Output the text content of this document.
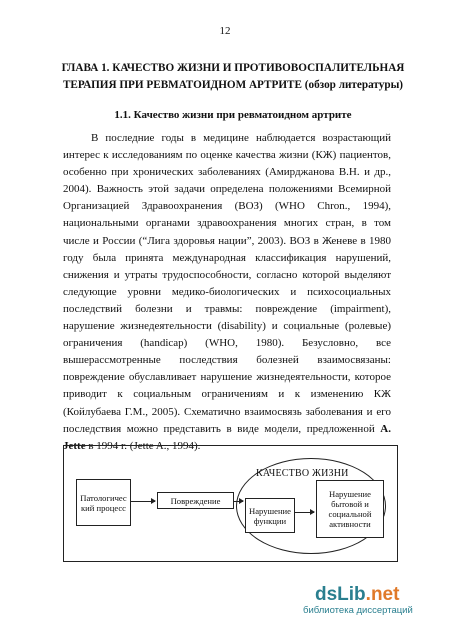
12
ГЛАВА 1. КАЧЕСТВО ЖИЗНИ И ПРОТИВОВОСПАЛИТЕЛЬНАЯ
ТЕРАПИЯ ПРИ РЕВМАТОИДНОМ АРТРИТЕ (обзор литературы)
1.1. Качество жизни при ревматоидном артрите

В последние годы в медицине наблюдается возрастающий интерес к исследованиям по оценке качества жизни (КЖ) пациентов, особенно при хронических заболеваниях (Амирджанова В.Н. и др., 2004). Важность этой задачи определена положениями Всемирной Организацией Здравоохранения (ВОЗ) (WHO Chron., 1994), национальными органами здравоохранения многих стран, в том числе и России (“Лига здоровья нации”, 2003). ВОЗ в Женеве в 1980 году была принята международная классификация нарушений, снижения и утраты трудоспособности, согласно которой выделяют следующие уровни медико-биологических и психосоциальных последствий болезни и травмы: повреждение (impairment), нарушение жизнедеятельности (disability) и социальные (ролевые) ограничения (handicap) (WHO, 1980). Безусловно, все вышерассмотренные последствия болезней взаимосвязаны: повреждение обуславливает нарушение жизнедеятельности, которое приводит к социальным ограничениям и к изменению КЖ (Койлубаева Г.М., 2005). Схематично взаимосвязь заболевания и его последствия можно представить в виде модели, предложенной A. Jette в 1994 г. (Jette A., 1994).

КАЧЕСТВО ЖИЗНИ
Патологичес кий процесс
Повреждение
Нарушение функции
Нарушение бытовой и социальной активности
dsLib.net
библиотека диссертаций
